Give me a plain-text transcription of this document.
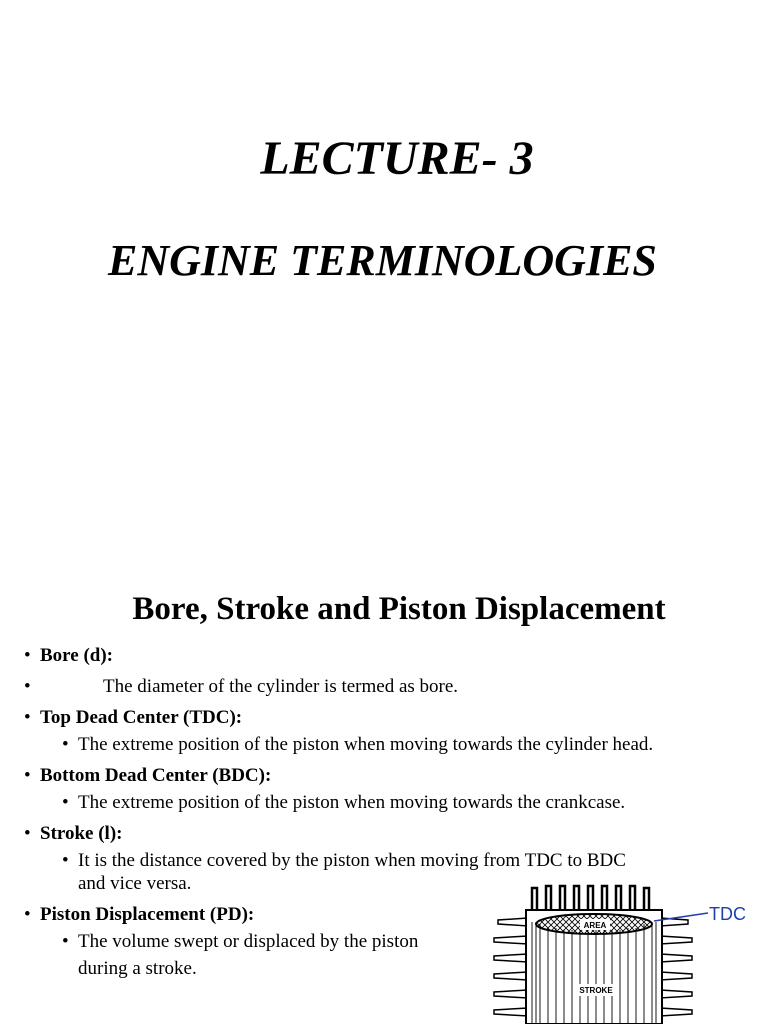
LECTURE- 3
ENGINE TERMINOLOGIES
Bore, Stroke and Piston Displacement
• Bore (d):
•	The diameter of the cylinder is termed as bore.
• Top Dead Center (TDC):
• The extreme position of the piston when moving towards the cylinder head.
• Bottom Dead Center (BDC):
• The extreme position of the piston when moving towards the crankcase.
• Stroke (l):
• It is the distance covered by the piston when moving from TDC to BDC
and vice versa.
• Piston Displacement (PD):
• The volume swept or displaced by the piston
during a stroke.
AREA
STROKE
TDC
